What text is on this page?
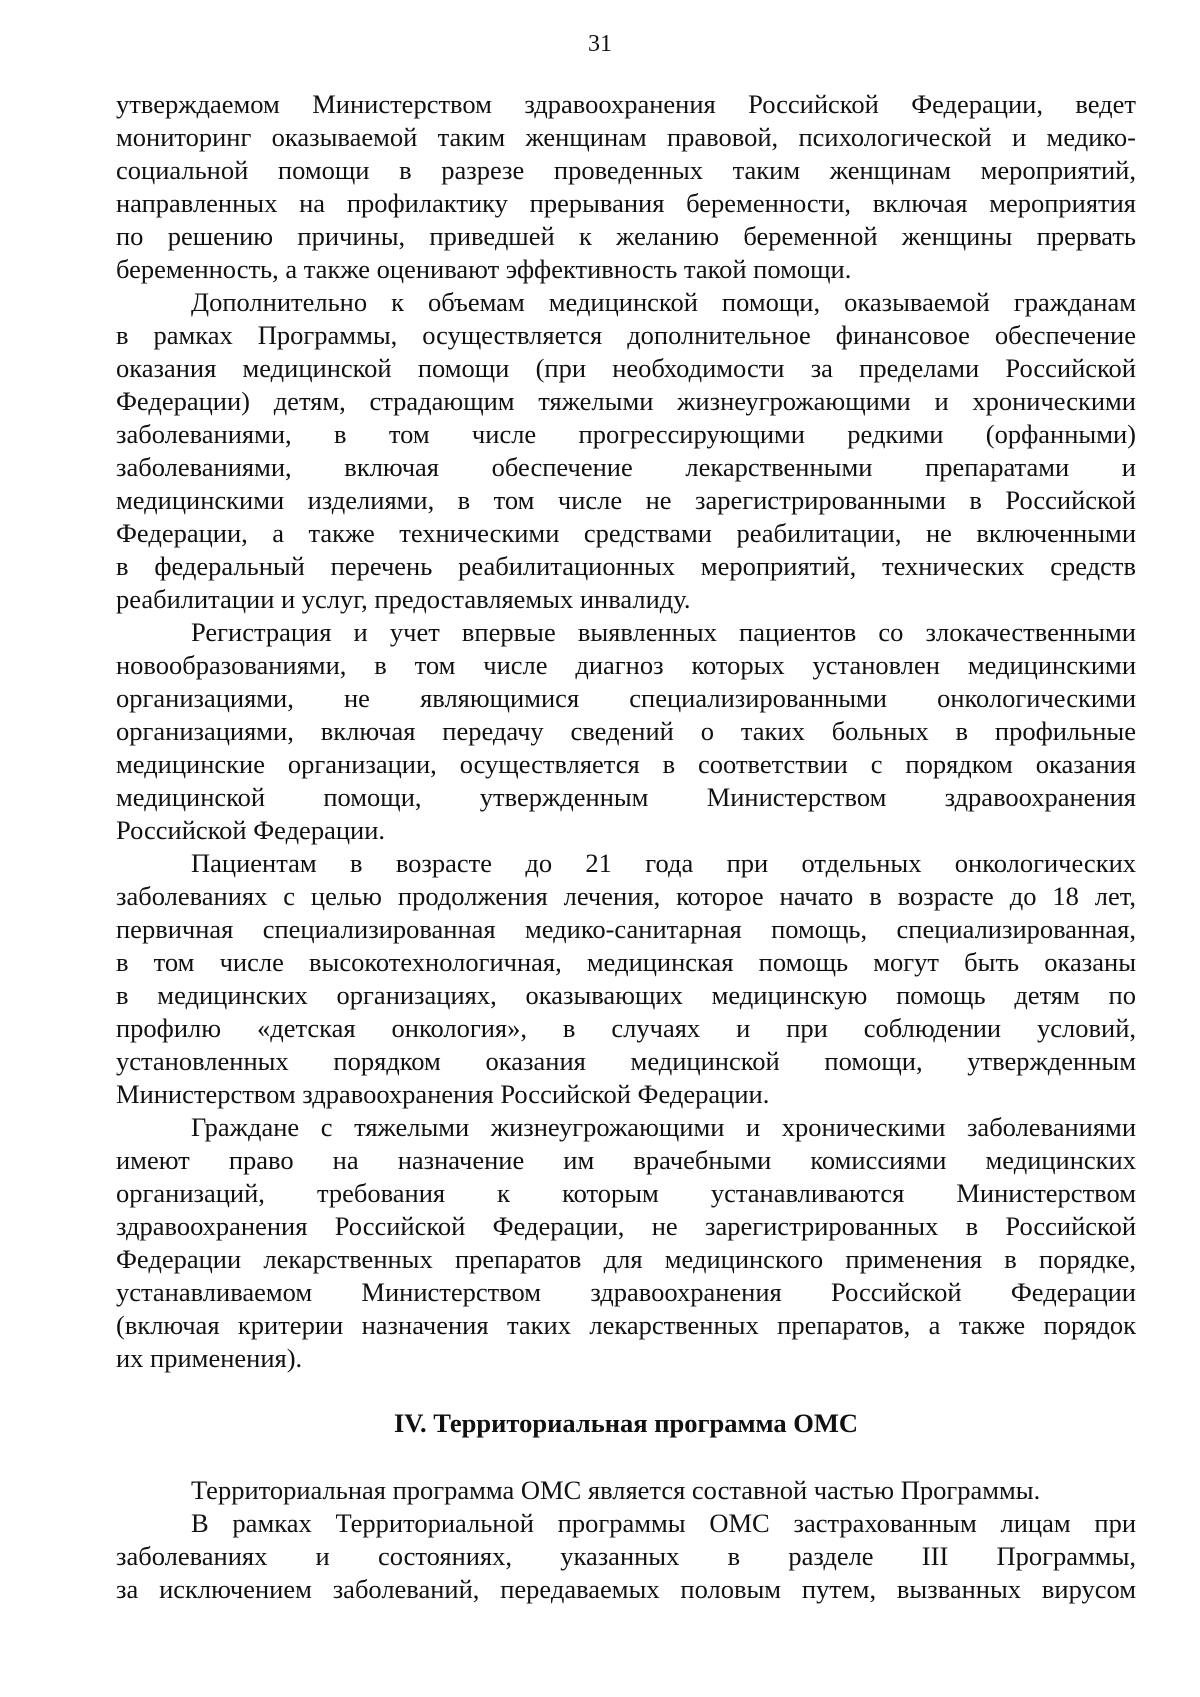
31
утверждаемом Министерством здравоохранения Российской Федерации, ведет
мониторинг оказываемой таким женщинам правовой, психологической и медико-
социальной помощи в разрезе проведенных таким женщинам мероприятий,
направленных на профилактику прерывания беременности, включая мероприятия
по решению причины, приведшей к желанию беременной женщины прервать
беременность, а также оценивают эффективность такой помощи.
Дополнительно к объемам медицинской помощи, оказываемой гражданам
в рамках Программы, осуществляется дополнительное финансовое обеспечение
оказания медицинской помощи (при необходимости за пределами Российской
Федерации) детям, страдающим тяжелыми жизнеугрожающими и хроническими
заболеваниями, в том числе прогрессирующими редкими (орфанными)
заболеваниями, включая обеспечение лекарственными препаратами и
медицинскими изделиями, в том числе не зарегистрированными в Российской
Федерации, а также техническими средствами реабилитации, не включенными
в федеральный перечень реабилитационных мероприятий, технических средств
реабилитации и услуг, предоставляемых инвалиду.
Регистрация и учет впервые выявленных пациентов со злокачественными
новообразованиями, в том числе диагноз которых установлен медицинскими
организациями, не являющимися специализированными онкологическими
организациями, включая передачу сведений о таких больных в профильные
медицинские организации, осуществляется в соответствии с порядком оказания
медицинской помощи, утвержденным Министерством здравоохранения
Российской Федерации.
Пациентам в возрасте до 21 года при отдельных онкологических
заболеваниях с целью продолжения лечения, которое начато в возрасте до 18 лет,
первичная специализированная медико-санитарная помощь, специализированная,
в том числе высокотехнологичная, медицинская помощь могут быть оказаны
в медицинских организациях, оказывающих медицинскую помощь детям по
профилю «детская онкология», в случаях и при соблюдении условий,
установленных порядком оказания медицинской помощи, утвержденным
Министерством здравоохранения Российской Федерации.
Граждане с тяжелыми жизнеугрожающими и хроническими заболеваниями
имеют право на назначение им врачебными комиссиями медицинских
организаций, требования к которым устанавливаются Министерством
здравоохранения Российской Федерации, не зарегистрированных в Российской
Федерации лекарственных препаратов для медицинского применения в порядке,
устанавливаемом Министерством здравоохранения Российской Федерации
(включая критерии назначения таких лекарственных препаратов, а также порядок
их применения).
IV. Территориальная программа ОМС
Территориальная программа ОМС является составной частью Программы.
В рамках Территориальной программы ОМС застрахованным лицам при
заболеваниях и состояниях, указанных в разделе III Программы,
за исключением заболеваний, передаваемых половым путем, вызванных вирусом
